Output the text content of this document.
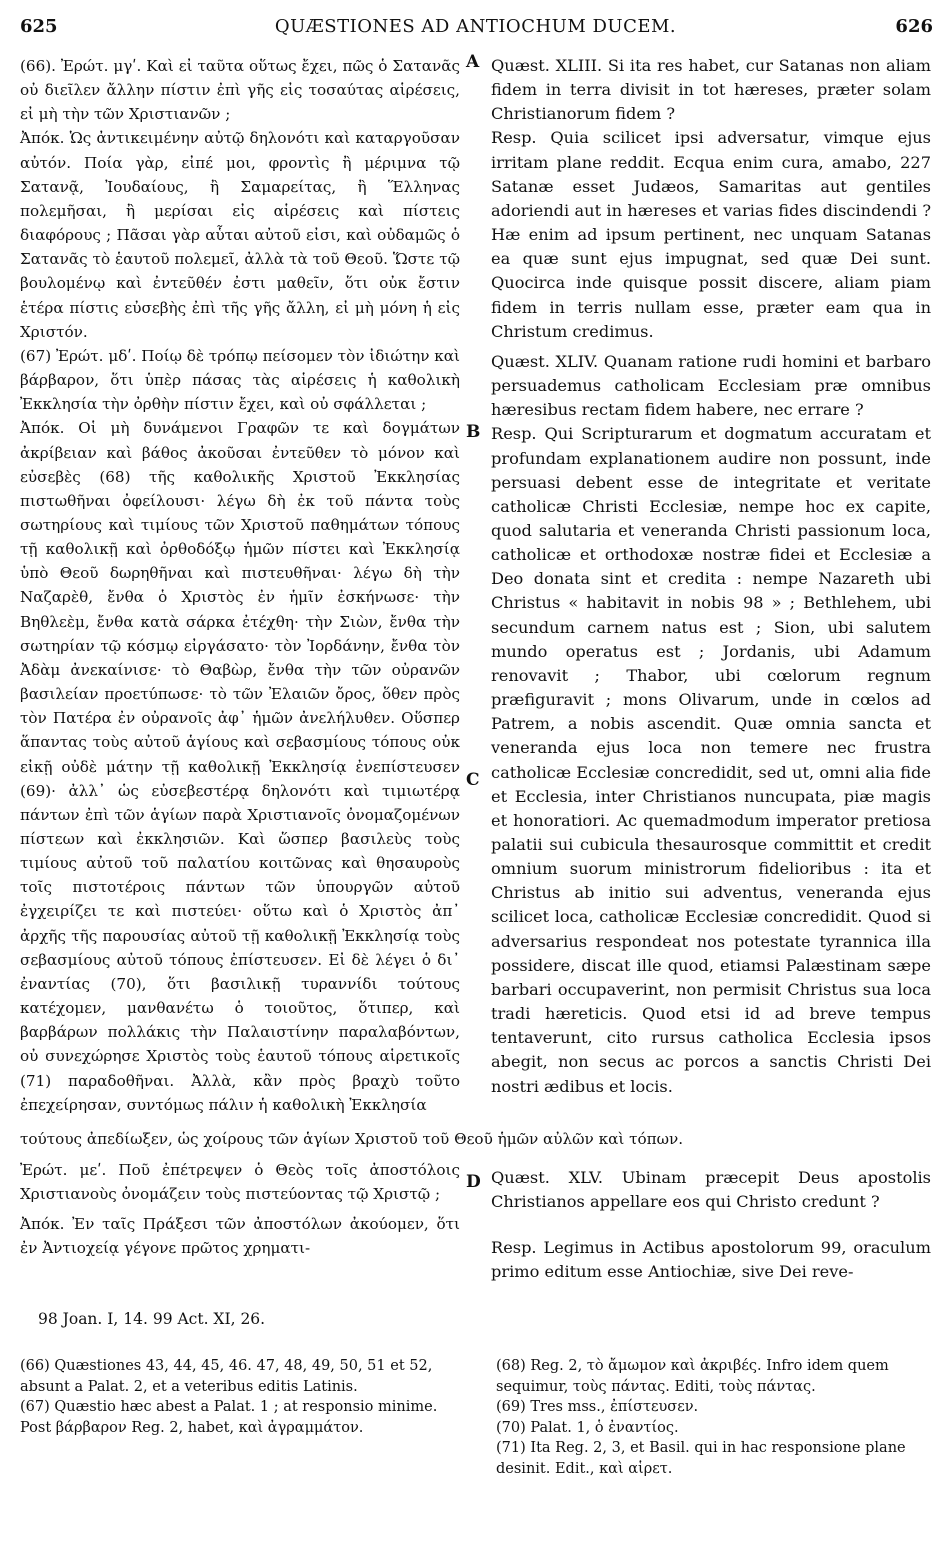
625	QUÆSTIONES AD ANTIOCHUM DUCEM.	626

(66). Ἐρώτ. μγʹ. Καὶ εἰ ταῦτα οὕτως ἔχει, πῶς ὁ Σατανᾶς οὐ διεῖλεν ἄλλην πίστιν ἐπὶ γῆς εἰς τοσαύτας αἱρέσεις, εἰ μὴ τὴν τῶν Χριστιανῶν ;

Ἀπόκ. Ὡς ἀντικειμένην αὐτῷ δηλονότι καὶ καταργοῦσαν αὐτόν. Ποία γὰρ, εἰπέ μοι, φροντὶς ἢ μέριμνα τῷ Σατανᾷ, Ἰουδαίους, ἢ Σαμαρείτας, ἢ Ἕλληνας πολεμῆσαι, ἢ μερίσαι εἰς αἱρέσεις καὶ πίστεις διαφόρους ; Πᾶσαι γὰρ αὗται αὐτοῦ εἰσι, καὶ οὐδαμῶς ὁ Σατανᾶς τὸ ἑαυτοῦ πολεμεῖ, ἀλλὰ τὰ τοῦ Θεοῦ. Ὥστε τῷ βουλομένῳ καὶ ἐντεῦθέν ἐστι μαθεῖν, ὅτι οὐκ ἔστιν ἑτέρα πίστις εὐσεβὴς ἐπὶ τῆς γῆς ἄλλη, εἰ μὴ μόνη ἡ εἰς Χριστόν.

(67) Ἐρώτ. μδʹ. Ποίῳ δὲ τρόπῳ πείσομεν τὸν ἰδιώτην καὶ βάρβαρον, ὅτι ὑπὲρ πάσας τὰς αἱρέσεις ἡ καθολικὴ Ἐκκλησία τὴν ὀρθὴν πίστιν ἔχει, καὶ οὐ σφάλλεται ;

Ἀπόκ. Οἱ μὴ δυνάμενοι Γραφῶν τε καὶ δογμάτων ἀκρίβειαν καὶ βάθος ἀκοῦσαι ἐντεῦθεν τὸ μόνον καὶ εὐσεβὲς (68) τῆς καθολικῆς Χριστοῦ Ἐκκλησίας πιστωθῆναι ὀφείλουσι· λέγω δὴ ἐκ τοῦ πάντα τοὺς σωτηρίους καὶ τιμίους τῶν Χριστοῦ παθημάτων τόπους τῇ καθολικῇ καὶ ὀρθοδόξῳ ἡμῶν πίστει καὶ Ἐκκλησίᾳ ὑπὸ Θεοῦ δωρηθῆναι καὶ πιστευθῆναι· λέγω δὴ τὴν Ναζαρὲθ, ἔνθα ὁ Χριστὸς ἐν ἡμῖν ἐσκήνωσε· τὴν Βηθλεὲμ, ἔνθα κατὰ σάρκα ἐτέχθη· τὴν Σιὼν, ἔνθα τὴν σωτηρίαν τῷ κόσμῳ εἰργάσατο· τὸν Ἰορδάνην, ἔνθα τὸν Ἀδὰμ ἀνεκαίνισε· τὸ Θαβὼρ, ἔνθα τὴν τῶν οὐρανῶν βασιλείαν προετύπωσε· τὸ τῶν Ἐλαιῶν ὄρος, ὅθεν πρὸς τὸν Πατέρα ἐν οὐρανοῖς ἀφ᾿ ἡμῶν ἀνελήλυθεν. Οὕσπερ ἅπαντας τοὺς αὐτοῦ ἁγίους καὶ σεβασμίους τόπους οὐκ εἰκῇ οὐδὲ μάτην τῇ καθολικῇ Ἐκκλησίᾳ ἐνεπίστευσεν (69)· ἀλλ᾿ ὡς εὐσεβεστέρᾳ δηλονότι καὶ τιμιωτέρᾳ πάντων ἐπὶ τῶν ἁγίων παρὰ Χριστιανοῖς ὀνομαζομένων πίστεων καὶ ἐκκλησιῶν. Καὶ ὥσπερ βασιλεὺς τοὺς τιμίους αὐτοῦ τοῦ παλατίου κοιτῶνας καὶ θησαυροὺς τοῖς πιστοτέροις πάντων τῶν ὑπουργῶν αὐτοῦ ἐγχειρίζει τε καὶ πιστεύει· οὕτω καὶ ὁ Χριστὸς ἀπ᾿ ἀρχῆς τῆς παρουσίας αὐτοῦ τῇ καθολικῇ Ἐκκλησίᾳ τοὺς σεβασμίους αὐτοῦ τόπους ἐπίστευσεν. Εἰ δὲ λέγει ὁ δι᾿ ἐναντίας (70), ὅτι βασιλικῇ τυραννίδι τούτους κατέχομεν, μανθανέτω ὁ τοιοῦτος, ὅτιπερ, καὶ βαρβάρων πολλάκις τὴν Παλαιστίνην παραλαβόντων, οὐ συνεχώρησε Χριστὸς τοὺς ἑαυτοῦ τόπους αἱρετικοῖς (71) παραδοθῆναι. Ἀλλὰ, κἂν πρὸς βραχὺ τοῦτο ἐπεχείρησαν, συντόμως πάλιν ἡ καθολικὴ Ἐκκλησία

Ἐρώτ. μεʹ. Ποῦ ἐπέτρεψεν ὁ Θεὸς τοῖς ἀποστόλοις Χριστιανοὺς ὀνομάζειν τοὺς πιστεύοντας τῷ Χριστῷ ;

Ἀπόκ. Ἐν ταῖς Πράξεσι τῶν ἀποστόλων ἀκούομεν, ὅτι ἐν Ἀντιοχείᾳ γέγονε πρῶτος χρηματι-

A
B
C
D

Quæst. XLIII. Si ita res habet, cur Satanas non aliam fidem in terra divisit in tot hæreses, præter solam Christianorum fidem ?

Resp. Quia scilicet ipsi adversatur, vimque ejus irritam plane reddit. Ecqua enim cura, amabo, 227 Satanæ esset Judæos, Samaritas aut gentiles adoriendi aut in hæreses et varias fides discindendi ? Hæ enim ad ipsum pertinent, nec unquam Satanas ea quæ sunt ejus impugnat, sed quæ Dei sunt. Quocirca inde quisque possit discere, aliam piam fidem in terris nullam esse, præter eam qua in Christum credimus.

Quæst. XLIV. Quanam ratione rudi homini et barbaro persuademus catholicam Ecclesiam præ omnibus hæresibus rectam fidem habere, nec errare ?

Resp. Qui Scripturarum et dogmatum accuratam et profundam explanationem audire non possunt, inde persuasi debent esse de integritate et veritate catholicæ Christi Ecclesiæ, nempe hoc ex capite, quod salutaria et veneranda Christi passionum loca, catholicæ et orthodoxæ nostræ fidei et Ecclesiæ a Deo donata sint et credita : nempe Nazareth ubi Christus « habitavit in nobis 98 » ; Bethlehem, ubi secundum carnem natus est ; Sion, ubi salutem mundo operatus est ; Jordanis, ubi Adamum renovavit ; Thabor, ubi cœlorum regnum præfiguravit ; mons Olivarum, unde in cœlos ad Patrem, a nobis ascendit. Quæ omnia sancta et veneranda ejus loca non temere nec frustra catholicæ Ecclesiæ concredidit, sed ut, omni alia fide et Ecclesia, inter Christianos nuncupata, piæ magis et honoratiori. Ac quemadmodum imperator pretiosa palatii sui cubicula thesaurosque committit et credit omnium suorum ministrorum fidelioribus : ita et Christus ab initio sui adventus, veneranda ejus scilicet loca, catholicæ Ecclesiæ concredidit. Quod si adversarius respondeat nos potestate tyrannica illa possidere, discat ille quod, etiamsi Palæstinam sæpe barbari occupaverint, non permisit Christus sua loca tradi hæreticis. Quod etsi id ad breve tempus tentaverunt, cito rursus catholica Ecclesia ipsos abegit, non secus ac porcos a sanctis Christi Dei nostri ædibus et locis.

Quæst. XLV. Ubinam præcepit Deus apostolis Christianos appellare eos qui Christo credunt ?

Resp. Legimus in Actibus apostolorum 99, oraculum primo editum esse Antiochiæ, sive Dei reve-

τούτους ἀπεδίωξεν, ὡς χοίρους τῶν ἁγίων Χριστοῦ τοῦ Θεοῦ ἡμῶν αὐλῶν καὶ τόπων.
98 Joan. I, 14. 99 Act. XI, 26.

(66) Quæstiones 43, 44, 45, 46. 47, 48, 49, 50, 51 et 52, absunt a Palat. 2, et a veteribus editis Latinis.

(67) Quæstio hæc abest a Palat. 1 ; at responsio minime. Post βάρβαρον Reg. 2, habet, καὶ ἀγραμμάτον.

(68) Reg. 2, τὸ ἄμωμον καὶ ἀκριβές. Infro idem quem sequimur, τοὺς πάντας. Editi, τοὺς πάντας.

(69) Tres mss., ἐπίστευσεν.

(70) Palat. 1, ὁ ἐναντίος.

(71) Ita Reg. 2, 3, et Basil. qui in hac responsione plane desinit. Edit., καὶ αἱρετ.
